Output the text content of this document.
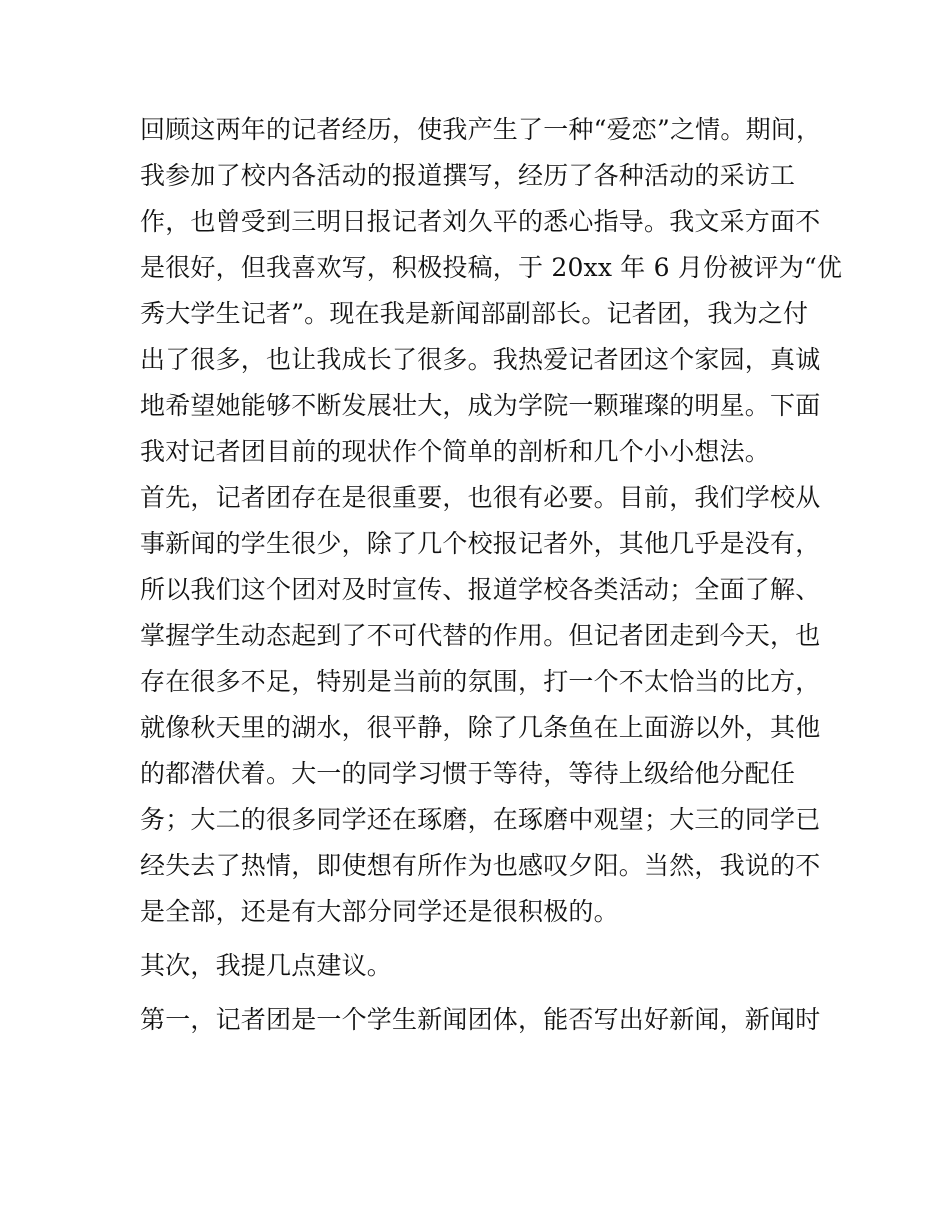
回顾这两年的记者经历，使我产生了一种“爱恋”之情。期间，
我参加了校内各活动的报道撰写，经历了各种活动的采访工
作，也曾受到三明日报记者刘久平的悉心指导。我文采方面不
是很好，但我喜欢写，积极投稿，于 20xx 年 6 月份被评为“优
秀大学生记者”。现在我是新闻部副部长。记者团，我为之付
出了很多，也让我成长了很多。我热爱记者团这个家园，真诚
地希望她能够不断发展壮大，成为学院一颗璀璨的明星。下面
我对记者团目前的现状作个简单的剖析和几个小小想法。
首先，记者团存在是很重要，也很有必要。目前，我们学校从
事新闻的学生很少，除了几个校报记者外，其他几乎是没有，
所以我们这个团对及时宣传、报道学校各类活动；全面了解、
掌握学生动态起到了不可代替的作用。但记者团走到今天，也
存在很多不足，特别是当前的氛围，打一个不太恰当的比方，
就像秋天里的湖水，很平静，除了几条鱼在上面游以外，其他
的都潜伏着。大一的同学习惯于等待，等待上级给他分配任
务；大二的很多同学还在琢磨，在琢磨中观望；大三的同学已
经失去了热情，即使想有所作为也感叹夕阳。当然，我说的不
是全部，还是有大部分同学还是很积极的。
其次，我提几点建议。
第一，记者团是一个学生新闻团体，能否写出好新闻，新闻时
